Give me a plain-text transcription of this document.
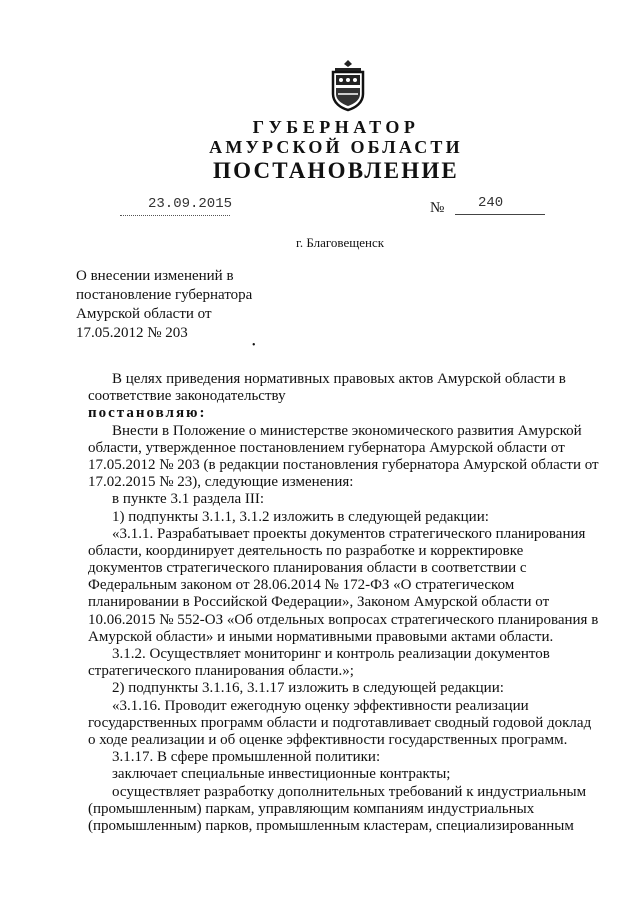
ГУБЕРНАТОР
АМУРСКОЙ ОБЛАСТИ
ПОСТАНОВЛЕНИЕ
23.09.2015	№ 240
г. Благовещенск
О внесении изменений в
постановление губернатора
Амурской области от
17.05.2012 № 203
•
В целях приведения нормативных правовых актов Амурской области в
соответствие законодательству
постановляю:
Внести в Положение о министерстве экономического развития Амурской
области, утвержденное постановлением губернатора Амурской области от
17.05.2012 № 203 (в редакции постановления губернатора Амурской области от
17.02.2015 № 23), следующие изменения:
в пункте 3.1 раздела III:
1) подпункты 3.1.1, 3.1.2 изложить в следующей редакции:
«3.1.1. Разрабатывает проекты документов стратегического планирования
области, координирует деятельность по разработке и корректировке
документов стратегического планирования области в соответствии с
Федеральным законом от 28.06.2014 № 172-ФЗ «О стратегическом
планировании в Российской Федерации», Законом Амурской области от
10.06.2015 № 552-ОЗ «Об отдельных вопросах стратегического планирования в
Амурской области» и иными нормативными правовыми актами области.
3.1.2. Осуществляет мониторинг и контроль реализации документов
стратегического планирования области.»;
2) подпункты 3.1.16, 3.1.17 изложить в следующей редакции:
«3.1.16. Проводит ежегодную оценку эффективности реализации
государственных программ области и подготавливает сводный годовой доклад
о ходе реализации и об оценке эффективности государственных программ.
3.1.17. В сфере промышленной политики:
заключает специальные инвестиционные контракты;
осуществляет разработку дополнительных требований к индустриальным
(промышленным) паркам, управляющим компаниям индустриальных
(промышленным) парков, промышленным кластерам, специализированным
